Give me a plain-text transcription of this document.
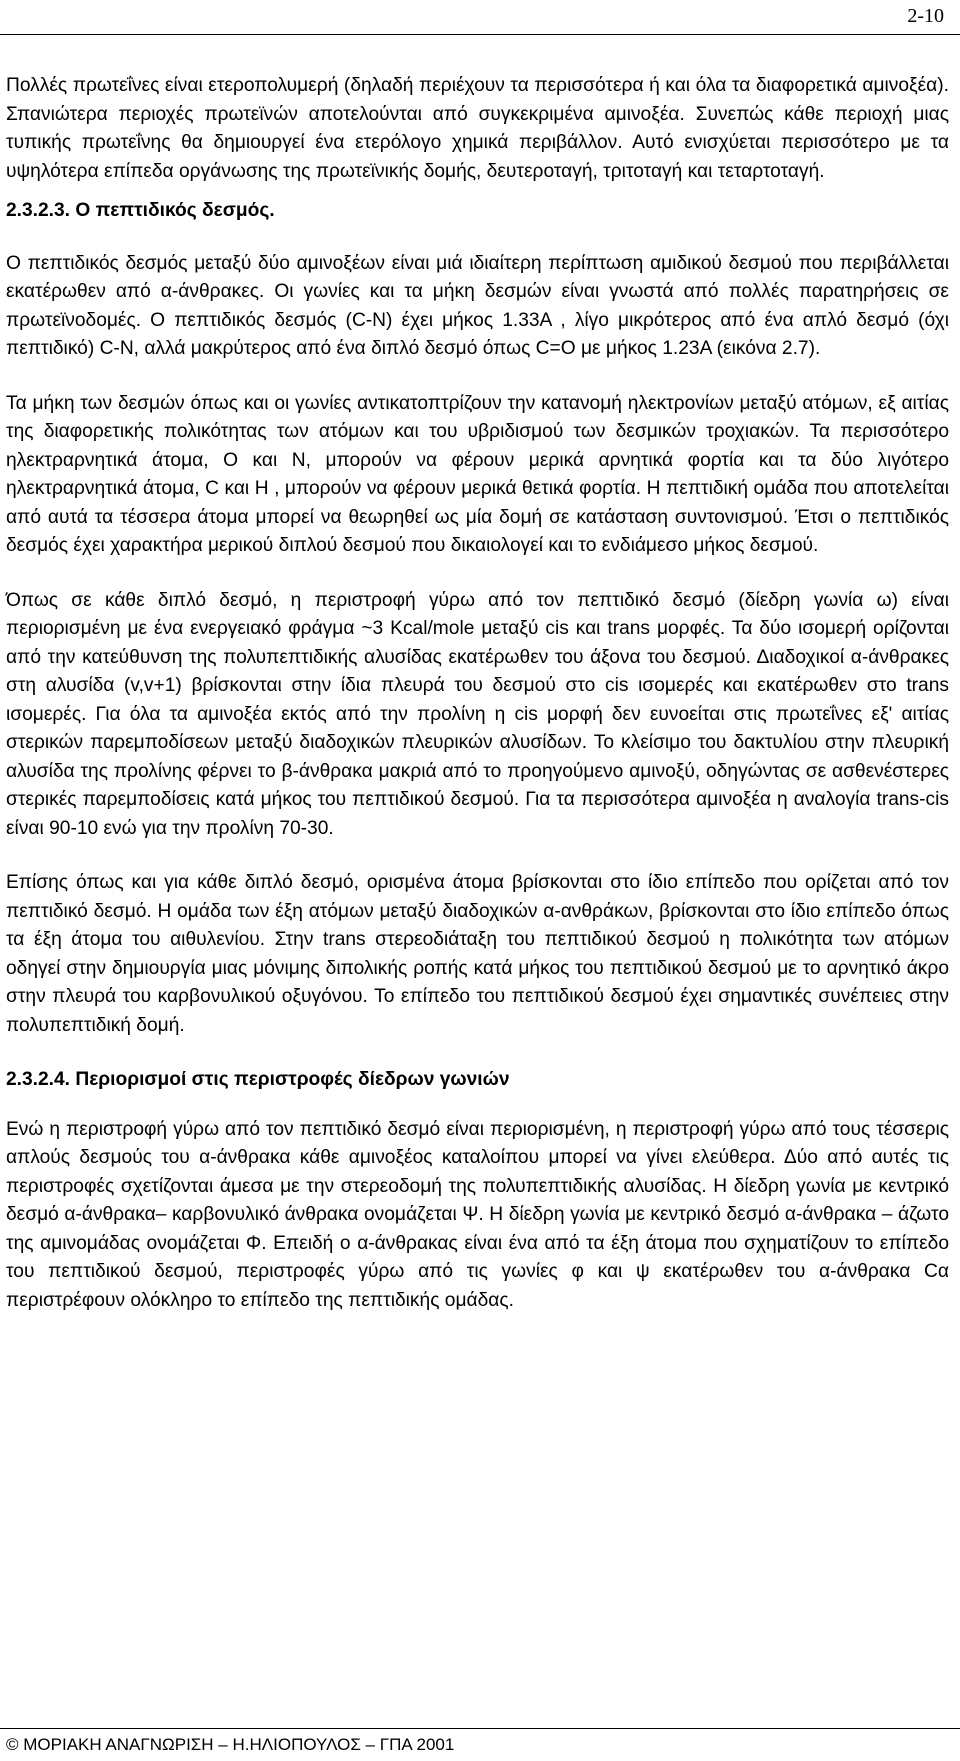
2-10

Πολλές πρωτεΐνες είναι ετεροπολυμερή (δηλαδή περιέχουν τα περισσότερα ή και όλα τα διαφορετικά αμινοξέα). Σπανιώτερα περιοχές πρωτεϊνών αποτελούνται από συγκεκριμένα αμινοξέα. Συνεπώς κάθε περιοχή μιας τυπικής πρωτεΐνης θα δημιουργεί ένα ετερόλογο χημικά περιβάλλον. Αυτό ενισχύεται περισσότερο με τα υψηλότερα επίπεδα οργάνωσης της πρωτεϊνικής δομής, δευτεροταγή, τριτοταγή και τεταρτοταγή.

2.3.2.3. Ο πεπτιδικός δεσμός.

Ο πεπτιδικός δεσμός μεταξύ δύο αμινοξέων είναι μιά ιδιαίτερη περίπτωση αμιδικού δεσμού που περιβάλλεται εκατέρωθεν από α-άνθρακες. Οι γωνίες και τα μήκη δεσμών είναι γνωστά από πολλές παρατηρήσεις σε πρωτεϊνοδομές. Ο πεπτιδικός δεσμός (C-N) έχει μήκος 1.33Α , λίγο μικρότερος από ένα απλό δεσμό (όχι πεπτιδικό) C-N, αλλά μακρύτερος από ένα διπλό δεσμό όπως C=O με μήκος 1.23Α (εικόνα 2.7).

Τα μήκη των δεσμών όπως και οι γωνίες αντικατοπτρίζουν την κατανομή ηλεκτρονίων μεταξύ ατόμων, εξ αιτίας της διαφορετικής πολικότητας των ατόμων και του υβριδισμού των δεσμικών τροχιακών. Τα περισσότερο ηλεκτραρνητικά άτομα, O και N, μπορούν να φέρουν μερικά αρνητικά φορτία και τα δύο λιγότερο ηλεκτραρνητικά άτομα, C και H , μπορούν να φέρουν μερικά θετικά φορτία. Η πεπτιδική ομάδα που αποτελείται από αυτά τα τέσσερα άτομα μπορεί να θεωρηθεί ως μία δομή σε κατάσταση συντονισμού. Έτσι ο πεπτιδικός δεσμός έχει χαρακτήρα μερικού διπλού δεσμού που δικαιολογεί και το ενδιάμεσο μήκος δεσμού.

Όπως σε κάθε διπλό δεσμό, η περιστροφή γύρω από τον πεπτιδικό δεσμό (δίεδρη γωνία ω) είναι περιορισμένη με ένα ενεργειακό φράγμα ~3 Kcal/mole μεταξύ cis και trans μορφές. Τα δύο ισομερή ορίζονται από την κατεύθυνση της πολυπεπτιδικής αλυσίδας εκατέρωθεν του άξονα του δεσμού. Διαδοχικοί α-άνθρακες στη αλυσίδα (v,v+1) βρίσκονται στην ίδια πλευρά του δεσμού στο cis ισομερές και εκατέρωθεν στο trans ισομερές. Για όλα τα αμινοξέα εκτός από την προλίνη η cis μορφή δεν ευνοείται στις πρωτεΐνες εξ' αιτίας στερικών παρεμποδίσεων μεταξύ διαδοχικών πλευρικών αλυσίδων. Το κλείσιμο του δακτυλίου στην πλευρική αλυσίδα της προλίνης φέρνει το β-άνθρακα μακριά από το προηγούμενο αμινοξύ, οδηγώντας σε ασθενέστερες στερικές παρεμποδίσεις κατά μήκος του πεπτιδικού δεσμού. Για τα περισσότερα αμινοξέα η αναλογία trans-cis είναι 90-10 ενώ για την προλίνη 70-30.

Επίσης όπως και για κάθε διπλό δεσμό, ορισμένα άτομα βρίσκονται στο ίδιο επίπεδο που ορίζεται από τον πεπτιδικό δεσμό. Η ομάδα των έξη ατόμων μεταξύ διαδοχικών α-ανθράκων, βρίσκονται στο ίδιο επίπεδο όπως τα έξη άτομα του αιθυλενίου. Στην trans στερεοδιάταξη του πεπτιδικού δεσμού η πολικότητα των ατόμων οδηγεί στην δημιουργία μιας μόνιμης διπολικής ροπής κατά μήκος του πεπτιδικού δεσμού με το αρνητικό άκρο στην πλευρά του καρβονυλικού οξυγόνου. Το επίπεδο του πεπτιδικού δεσμού έχει σημαντικές συνέπειες στην πολυπεπτιδική δομή.

2.3.2.4. Περιορισμοί στις περιστροφές δίεδρων γωνιών

Ενώ η περιστροφή γύρω από τον πεπτιδικό δεσμό είναι περιορισμένη, η περιστροφή γύρω από τους τέσσερις απλούς δεσμούς του α-άνθρακα κάθε αμινοξέος καταλοίπου μπορεί να γίνει ελεύθερα. Δύο από αυτές τις περιστροφές σχετίζονται άμεσα με την στερεοδομή της πολυπεπτιδικής αλυσίδας. Η δίεδρη γωνία με κεντρικό δεσμό α-άνθρακα– καρβονυλικό άνθρακα ονομάζεται Ψ. Η δίεδρη γωνία με κεντρικό δεσμό α-άνθρακα – άζωτο της αμινομάδας ονομάζεται Φ. Επειδή ο α-άνθρακας είναι ένα από τα έξη άτομα που σχηματίζουν το επίπεδο του πεπτιδικού δεσμού, περιστροφές γύρω από τις γωνίες φ και ψ εκατέρωθεν του α-άνθρακα Cα περιστρέφουν ολόκληρο το επίπεδο της πεπτιδικής ομάδας.

© ΜΟΡΙΑΚΗ ΑΝΑΓΝΩΡΙΣΗ – Η.ΗΛΙΟΠΟΥΛΟΣ – ΓΠΑ 2001
